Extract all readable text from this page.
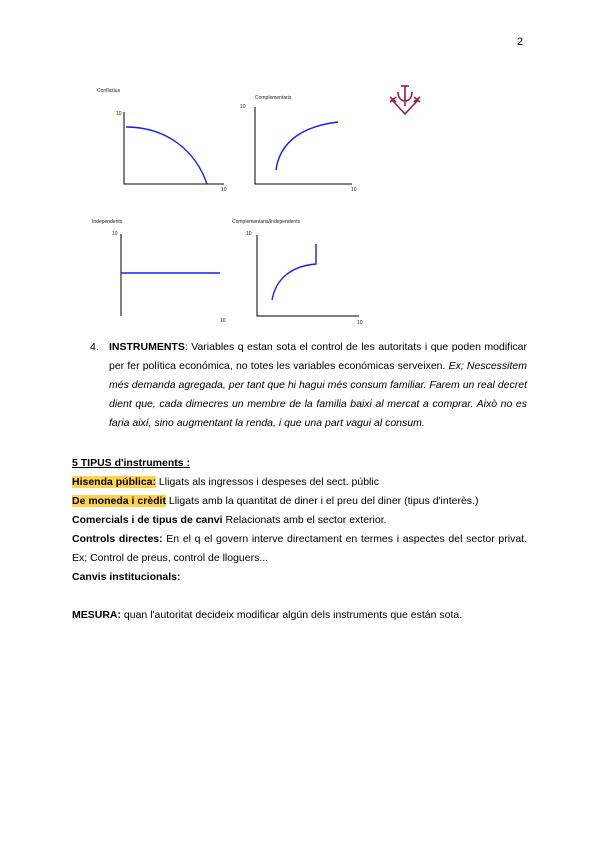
2
Conflictius
10
10
Complementaris
10
10
Independents
10
10
Complementaris/Independents
10
10
4. INSTRUMENTS: Variables q estan sota el control de les autoritats i que poden modificar per fer política económica, no totes les variables económicas serveixen. Ex; Nescessitem més demanda agregada, per tant que hi hagui més consum familiar. Farem un real decret dient que, cada dimecres un membre de la familia baixi al mercat a comprar. Això no es faria així, sino augmentant la renda, i que una part vagui al consum.
5 TIPUS d'instruments :
Hisenda pública: Lligats als ingressos i despeses del sect. públic
De moneda i crèdit Lligats amb la quantitat de diner i el preu del diner (tipus d'interès.)
Comercials i de tipus de canvi Relacionats amb el sector exterior.
Controls directes: En el q el govern interve directament en termes i aspectes del sector privat. Ex; Control de preus, control de lloguers...
Canvis institucionals:
MESURA: quan l'autoritat decideix modificar algún dels instruments que están sota.
